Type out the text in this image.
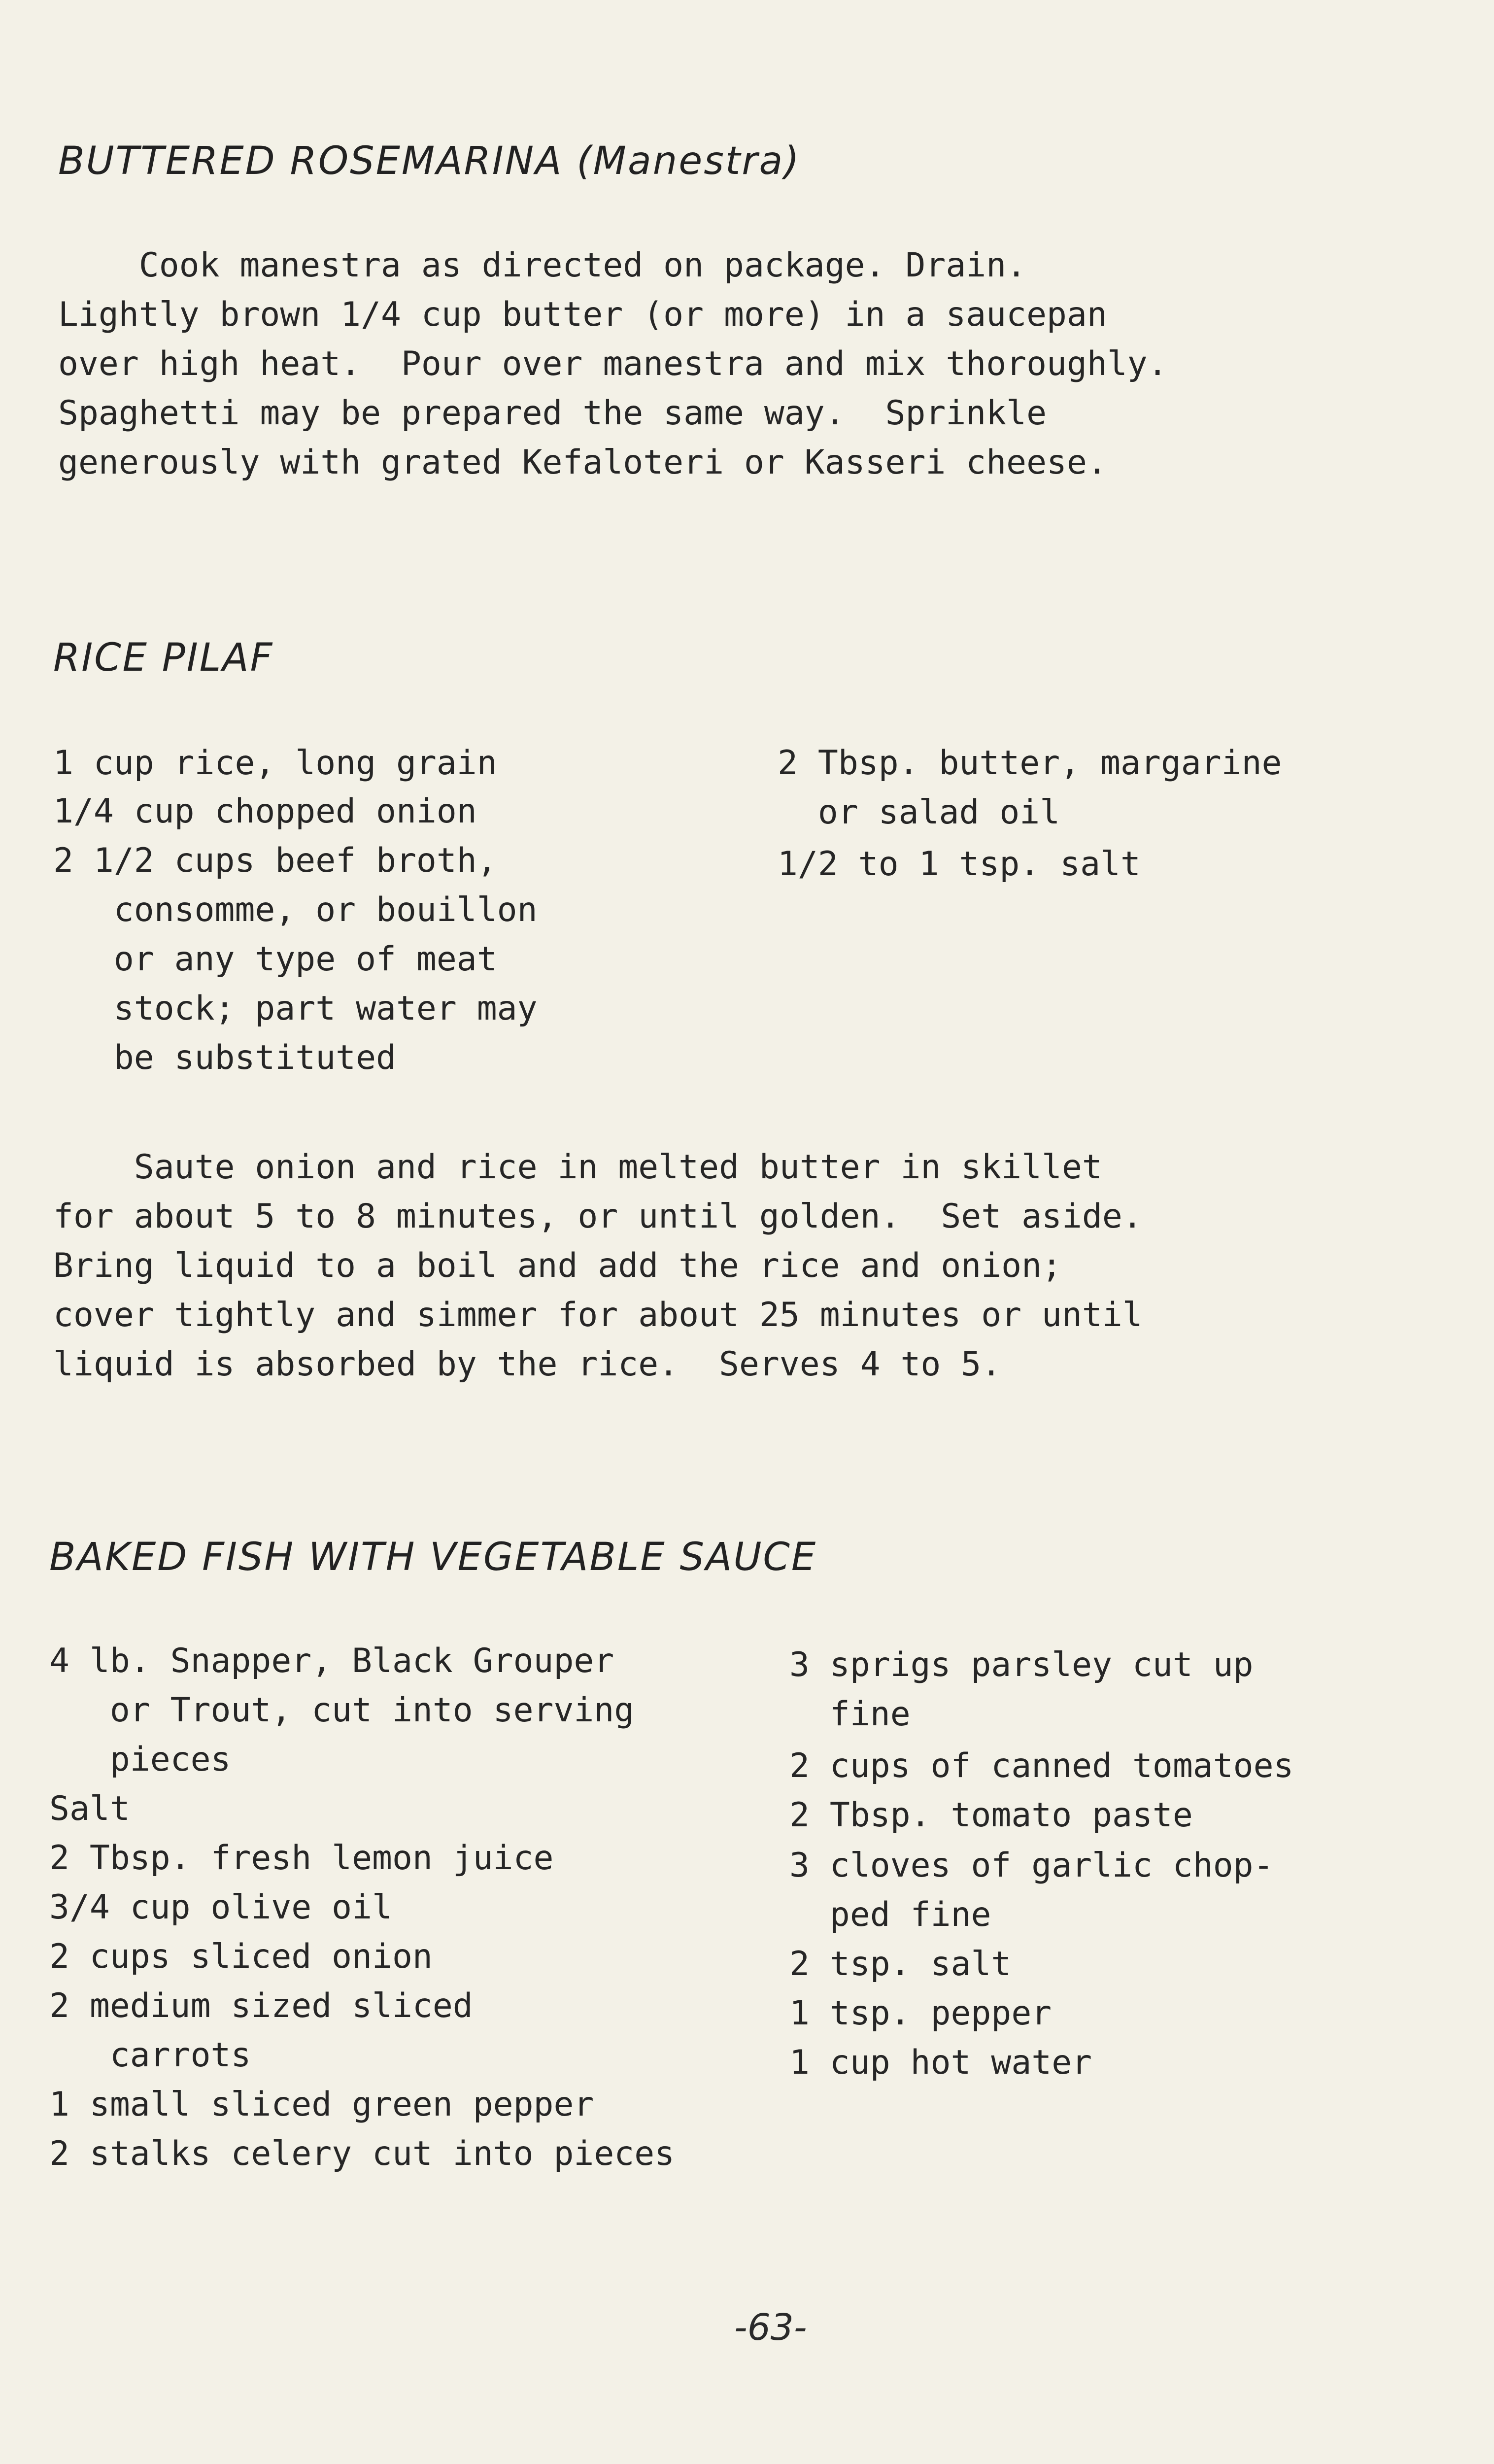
BUTTERED ROSEMARINA (Manestra)
Cook manestra as directed on package. Drain.
Lightly brown 1/4 cup butter (or more) in a saucepan
over high heat.  Pour over manestra and mix thoroughly.
Spaghetti may be prepared the same way.  Sprinkle
generously with grated Kefaloteri or Kasseri cheese.
RICE PILAF
1 cup rice, long grain
1/4 cup chopped onion
2 1/2 cups beef broth,
consomme, or bouillon
or any type of meat
stock; part water may
be substituted
2 Tbsp. butter, margarine
or salad oil
1/2 to 1 tsp. salt
Saute onion and rice in melted butter in skillet
for about 5 to 8 minutes, or until golden.  Set aside.
Bring liquid to a boil and add the rice and onion;
cover tightly and simmer for about 25 minutes or until
liquid is absorbed by the rice.  Serves 4 to 5.
BAKED FISH WITH VEGETABLE SAUCE
4 lb. Snapper, Black Grouper
or Trout, cut into serving
pieces
Salt
2 Tbsp. fresh lemon juice
3/4 cup olive oil
2 cups sliced onion
2 medium sized sliced
carrots
1 small sliced green pepper
2 stalks celery cut into pieces
3 sprigs parsley cut up
fine
2 cups of canned tomatoes
2 Tbsp. tomato paste
3 cloves of garlic chop-
ped fine
2 tsp. salt
1 tsp. pepper
1 cup hot water
-63-
